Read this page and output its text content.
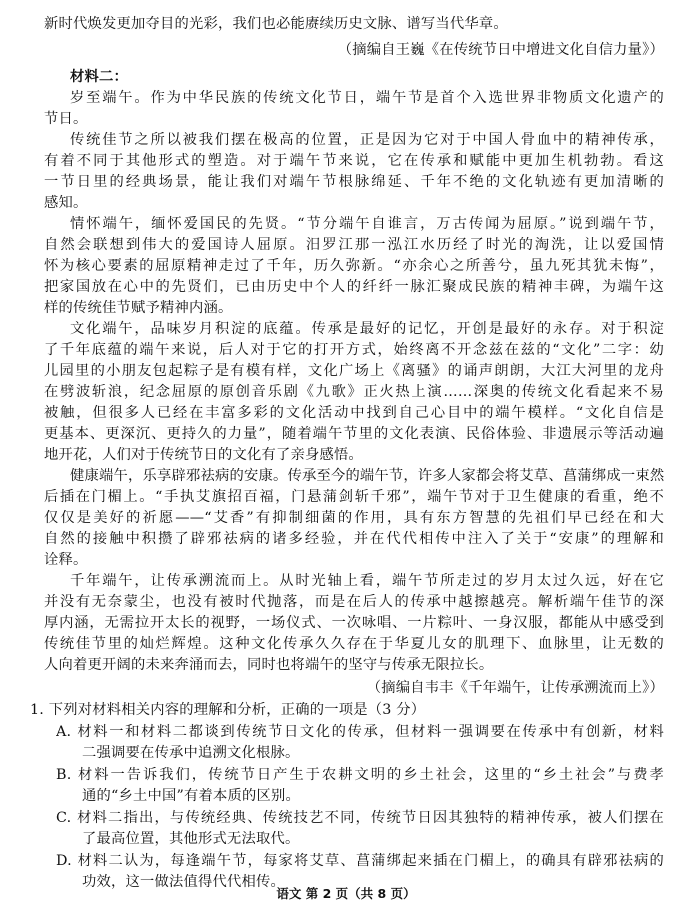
新时代焕发更加夺目的光彩，我们也必能赓续历史文脉、谱写当代华章。
（摘编自王巍《在传统节日中增进文化自信力量》）
材料二：
岁至端午。作为中华民族的传统文化节日，端午节是首个入选世界非物质文化遗产的
节日。
传统佳节之所以被我们摆在极高的位置，正是因为它对于中国人骨血中的精神传承，
有着不同于其他形式的塑造。对于端午节来说，它在传承和赋能中更加生机勃勃。看这
一节日里的经典场景，能让我们对端午节根脉绵延、千年不绝的文化轨迹有更加清晰的
感知。
情怀端午，缅怀爱国民的先贤。“节分端午自谁言，万古传闻为屈原。”说到端午节，
自然会联想到伟大的爱国诗人屈原。汨罗江那一泓江水历经了时光的淘洗，让以爱国情
怀为核心要素的屈原精神走过了千年，历久弥新。“亦余心之所善兮，虽九死其犹未悔”，
把家国放在心中的先贤们，已由历史中个人的纤纤一脉汇聚成民族的精神丰碑，为端午这
样的传统佳节赋予精神内涵。
文化端午，品味岁月积淀的底蕴。传承是最好的记忆，开创是最好的永存。对于积淀
了千年底蕴的端午来说，后人对于它的打开方式，始终离不开念兹在兹的“文化”二字：幼
儿园里的小朋友包起粽子是有模有样，文化广场上《离骚》的诵声朗朗，大江大河里的龙舟
在劈波斩浪，纪念屈原的原创音乐剧《九歌》正火热上演……深奥的传统文化看起来不易
被触，但很多人已经在丰富多彩的文化活动中找到自己心目中的端午模样。“文化自信是
更基本、更深沉、更持久的力量”，随着端午节里的文化表演、民俗体验、非遗展示等活动遍
地开花，人们对于传统节日的文化有了亲身感悟。
健康端午，乐享辟邪祛病的安康。传承至今的端午节，许多人家都会将艾草、菖蒲绑成一束然
后插在门楣上。“手执艾旗招百福，门悬蒲剑斩千邪”，端午节对于卫生健康的看重，绝不
仅仅是美好的祈愿——“艾香”有抑制细菌的作用，具有东方智慧的先祖们早已经在和大
自然的接触中积攒了辟邪祛病的诸多经验，并在代代相传中注入了关于“安康”的理解和
诠释。
千年端午，让传承溯流而上。从时光轴上看，端午节所走过的岁月太过久远，好在它
并没有无奈蒙尘，也没有被时代抛落，而是在后人的传承中越擦越亮。解析端午佳节的深
厚内涵，无需拉开太长的视野，一场仪式、一次咏唱、一片粽叶、一身汉服，都能从中感受到
传统佳节里的灿烂辉煌。这种文化传承久久存在于华夏儿女的肌理下、血脉里，让无数的
人向着更开阔的未来奔涌而去，同时也将端午的坚守与传承无限拉长。
（摘编自韦丰《千年端午，让传承溯流而上》）
1. 下列对材料相关内容的理解和分析，正确的一项是（3 分）
A. 材料一和材料二都谈到传统节日文化的传承，但材料一强调要在传承中有创新，材料
二强调要在传承中追溯文化根脉。
B. 材料一告诉我们，传统节日产生于农耕文明的乡土社会，这里的“乡土社会”与费孝
通的“乡土中国”有着本质的区别。
C. 材料二指出，与传统经典、传统技艺不同，传统节日因其独特的精神传承，被人们摆在
了最高位置，其他形式无法取代。
语文 第 2 页（共 8 页）
D. 材料二认为，每逢端午节，每家将艾草、菖蒲绑起来插在门楣上，的确具有辟邪祛病的
功效，这一做法值得代代相传。
